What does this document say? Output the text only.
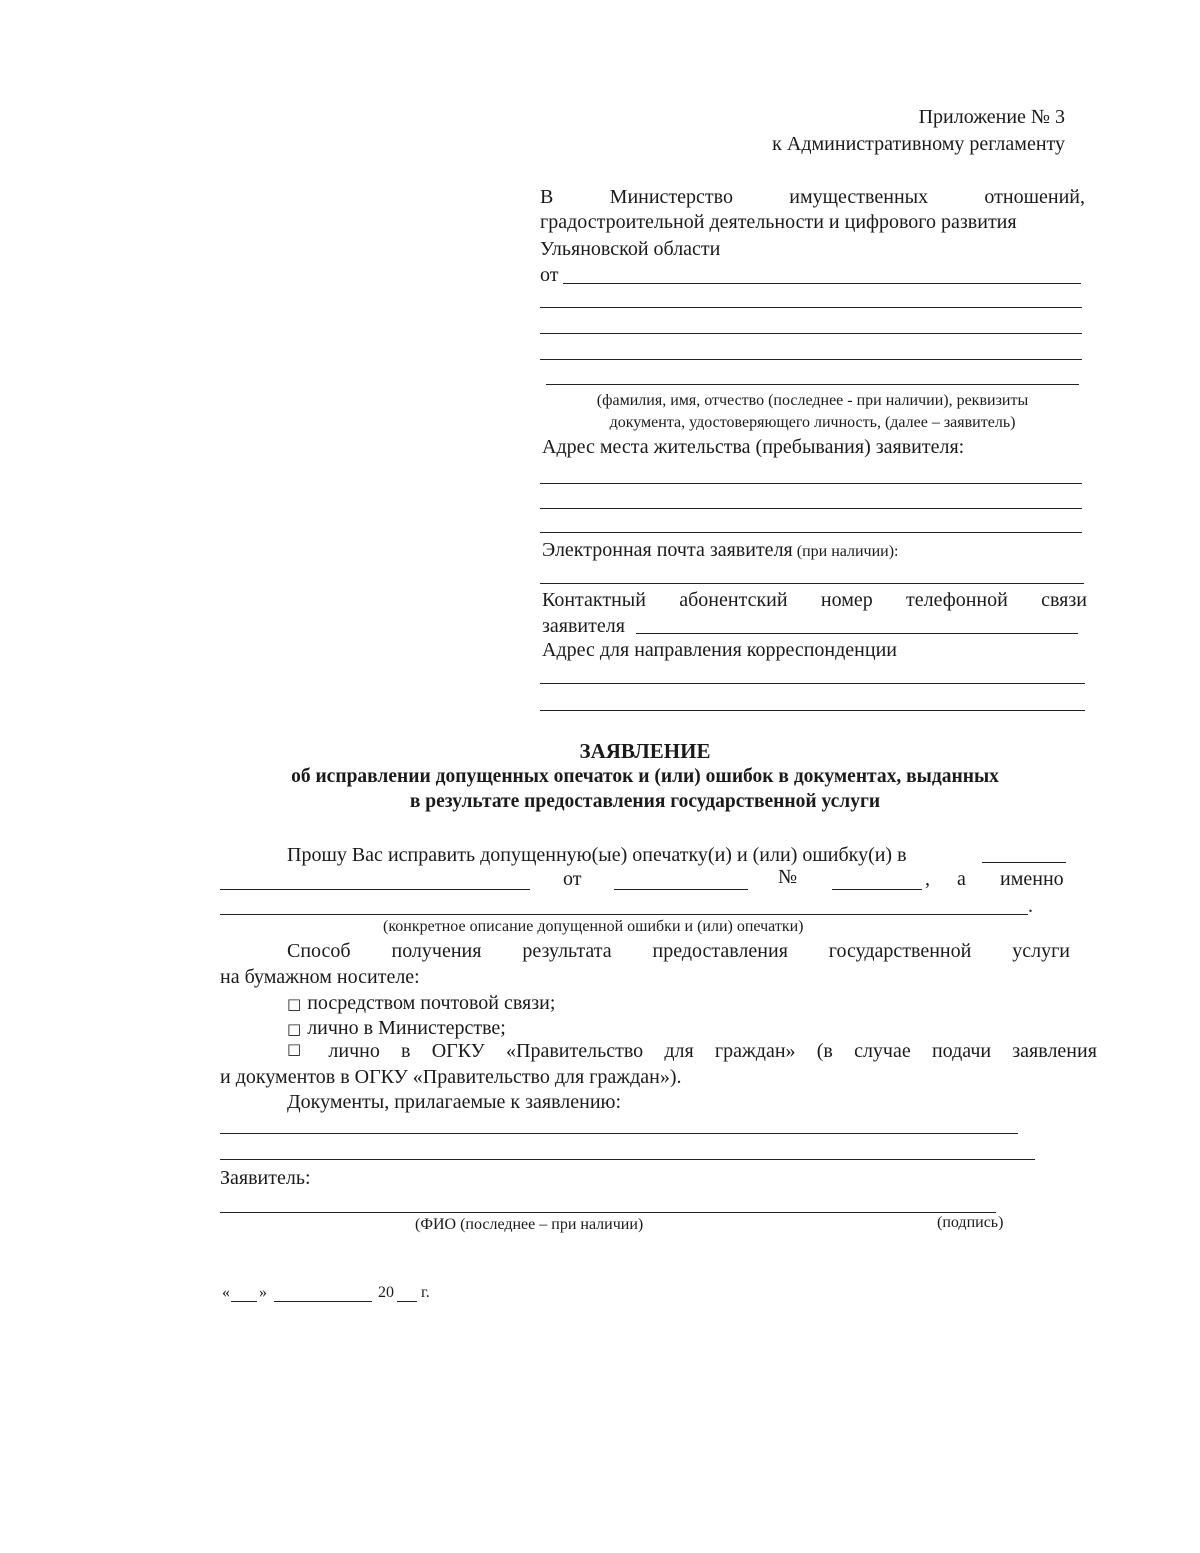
Приложение № 3
к Административному регламенту
В	Министерство	имущественных	отношений,
градостроительной деятельности и цифрового развития
Ульяновской области
от
(фамилия, имя, отчество (последнее - при наличии), реквизиты
документа, удостоверяющего личность, (далее – заявитель)
Адрес места жительства (пребывания) заявителя:
Электронная почта заявителя (при наличии):
Контактный абонентский номер телефонной связи
заявителя
Адрес для направления корреспонденции
ЗАЯВЛЕНИЕ
об исправлении допущенных опечаток и (или) ошибок в документах, выданных
в результате предоставления государственной услуги
Прошу Вас исправить допущенную(ые) опечатку(и) и (или) ошибку(и) в
от	№	, а именно
.
(конкретное описание допущенной ошибки и (или) опечатки)
Способ получения результата предоставления государственной услуги
на бумажном носителе:
□ посредством почтовой связи;
□ лично в Министерстве;
□ лично в ОГКУ «Правительство для граждан» (в случае подачи заявления
и документов в ОГКУ «Правительство для граждан»).
Документы, прилагаемые к заявлению:
Заявитель:
(ФИО (последнее – при наличии)	(подпись)
« »	20 г.
